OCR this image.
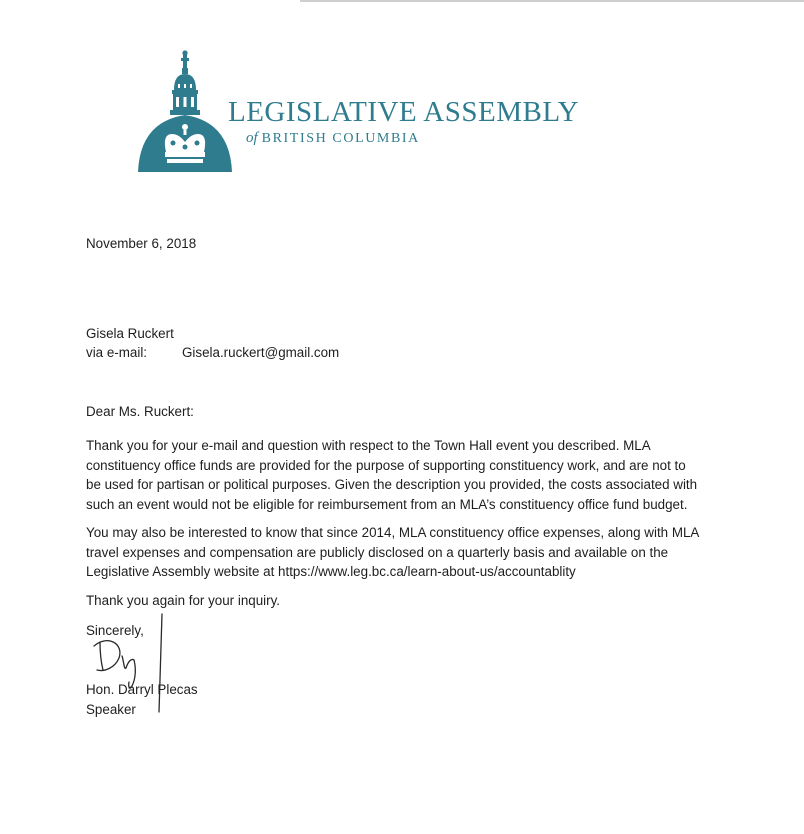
LEGISLATIVE ASSEMBLY
of BRITISH COLUMBIA
November 6, 2018
Gisela Ruckert
via e-mail:	Gisela.ruckert@gmail.com
Dear Ms. Ruckert:
Thank you for your e-mail and question with respect to the Town Hall event you described. MLA
constituency office funds are provided for the purpose of supporting constituency work, and are not to
be used for partisan or political purposes. Given the description you provided, the costs associated with
such an event would not be eligible for reimbursement from an MLA’s constituency office fund budget.
You may also be interested to know that since 2014, MLA constituency office expenses, along with MLA
travel expenses and compensation are publicly disclosed on a quarterly basis and available on the
Legislative Assembly website at https://www.leg.bc.ca/learn-about-us/accountablity
Thank you again for your inquiry.
Sincerely,
Hon. Darryl Plecas
Speaker
